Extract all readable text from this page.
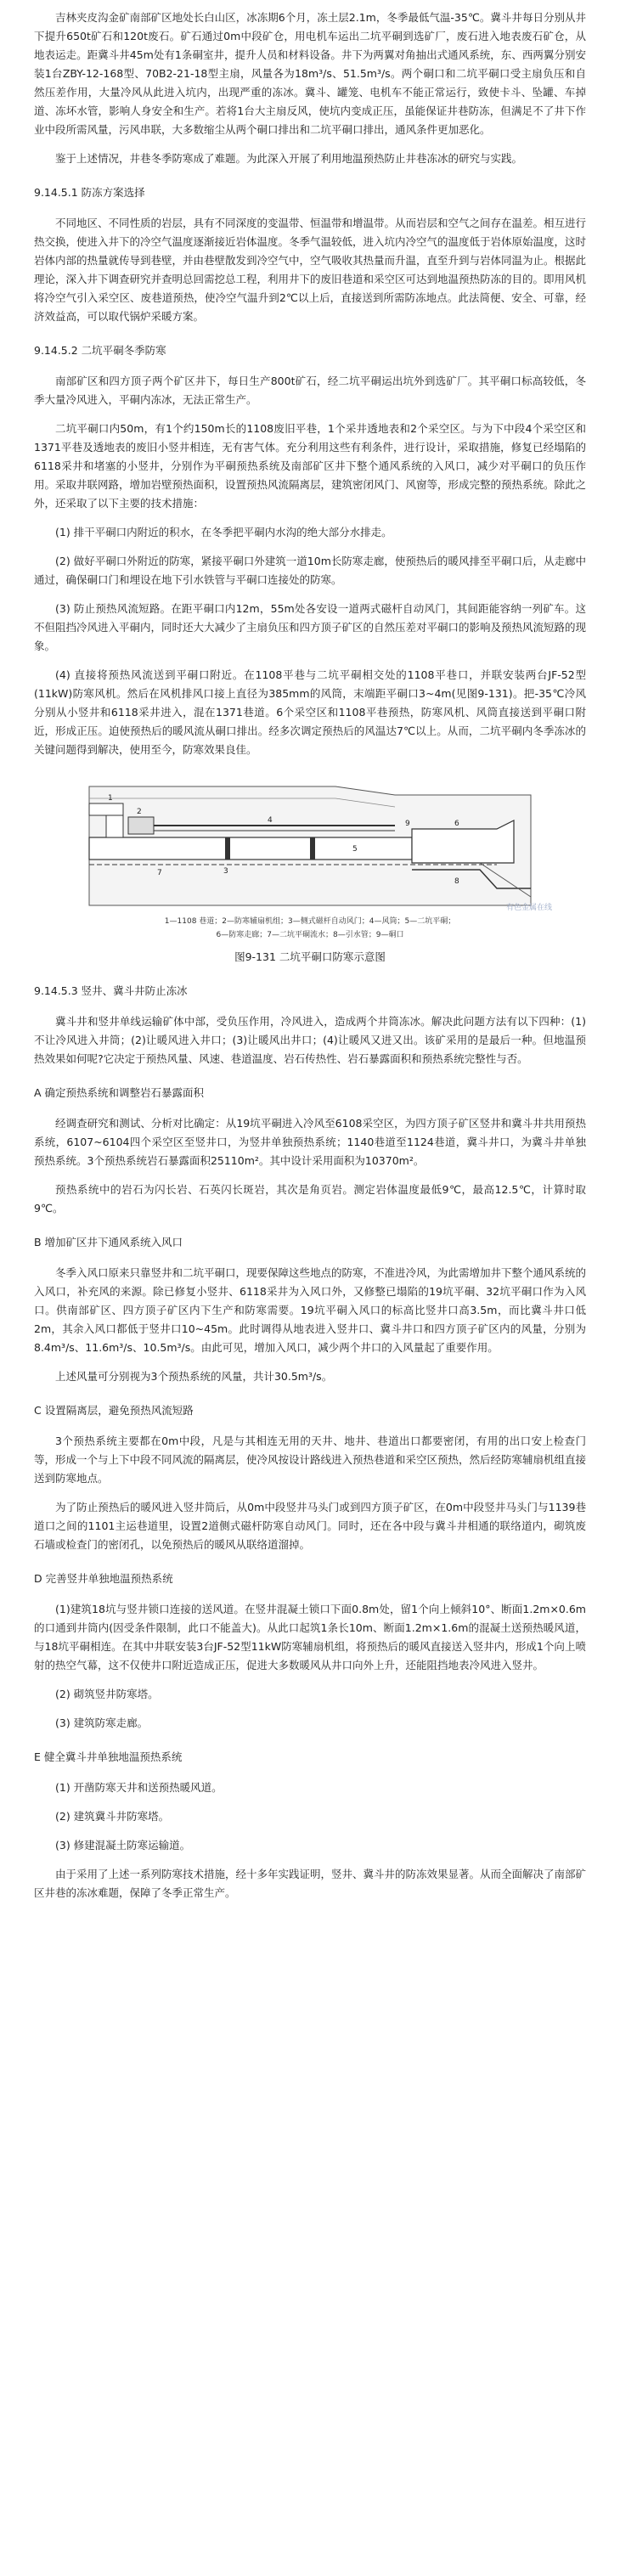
吉林夹皮沟金矿南部矿区地处长白山区，冰冻期6个月，冻土层2.1m，冬季最低气温-35℃。冀斗井每日分别从井下提升650t矿石和120t废石。矿石通过0m中段矿仓，用电机车运出二坑平硐到选矿厂，废石进入地表废石矿仓，从地表运走。距冀斗井45m处有1条硐室井，提升人员和材料设备。井下为两翼对角抽出式通风系统，东、西两翼分别安装1台ZBY-12-168型、70B2-21-18型主扇，风量各为18m³/s、51.5m³/s。两个硐口和二坑平硐口受主扇负压和自然压差作用，大量冷风从此进入坑内，出现严重的冻冰。冀斗、罐笼、电机车不能正常运行，致使卡斗、坠罐、车掉道、冻坏水管，影响人身安全和生产。若将1台大主扇反风，使坑内变成正压，虽能保证井巷防冻，但满足不了井下作业中段所需风量，污风串联，大多数缩尘从两个硐口排出和二坑平硐口排出，通风条件更加恶化。

鉴于上述情况，井巷冬季防寒成了难题。为此深入开展了利用地温预热防止井巷冻冰的研究与实践。

9.14.5.1 防冻方案选择

不同地区、不同性质的岩层，具有不同深度的变温带、恒温带和增温带。从而岩层和空气之间存在温差。相互进行热交换，使进入井下的冷空气温度逐渐接近岩体温度。冬季气温较低，进入坑内冷空气的温度低于岩体原始温度，这时岩体内部的热量就传导到巷壁，并由巷壁散发到冷空气中，空气吸收其热量而升温，直至升到与岩体同温为止。根据此理论，深入井下调查研究并查明总回需挖总工程，利用井下的废旧巷道和采空区可达到地温预热防冻的目的。即用风机将冷空气引入采空区、废巷道预热，使冷空气温升到2℃以上后，直接送到所需防冻地点。此法简便、安全、可靠，经济效益高，可以取代锅炉采暖方案。

9.14.5.2 二坑平硐冬季防寒

南部矿区和四方顶子两个矿区井下，每日生产800t矿石，经二坑平硐运出坑外到选矿厂。其平硐口标高较低，冬季大量冷风进入，平硐内冻冰，无法正常生产。

二坑平硐口内50m，有1个约150m长的1108废旧平巷，1个采井透地表和2个采空区。与为下中段4个采空区和1371平巷及透地表的废旧小竖井相连，无有害气体。充分利用这些有利条件，进行设计，采取措施，修复已经塌陷的6118采井和堵塞的小竖井，分别作为平硐预热系统及南部矿区井下整个通风系统的入风口，减少对平硐口的负压作用。采取井联网路，增加岩壁预热面积，设置预热风流隔离层，建筑密闭风门、风窗等，形成完整的预热系统。除此之外，还采取了以下主要的技术措施：

(1) 排干平硐口内附近的积水，在冬季把平硐内水沟的绝大部分水排走。

(2) 做好平硐口外附近的防寒，紧接平硐口外建筑一道10m长防寒走廊，使预热后的暖风排至平硐口后，从走廊中通过，确保硐口门和埋设在地下引水铁管与平硐口连接处的防寒。

(3) 防止预热风流短路。在距平硐口内12m，55m处各安设一道两式磁杆自动风门，其间距能容纳一列矿车。这不但阻挡冷风进入平硐内，同时还大大减少了主扇负压和四方顶子矿区的自然压差对平硐口的影响及预热风流短路的现象。

(4) 直接将预热风流送到平硐口附近。在1108平巷与二坑平硐相交处的1108平巷口，并联安装两台JF-52型(11kW)防寒风机。然后在风机排风口接上直径为385mm的风筒，末端距平硐口3~4m(见图9-131)。把-35℃冷风分别从小竖井和6118采井进入，混在1371巷道。6个采空区和1108平巷预热，防寒风机、风筒直接送到平硐口附近，形成正压。迫使预热后的暖风流从硐口排出。经多次调定预热后的风温达7℃以上。从而，二坑平硐内冬季冻冰的关键问题得到解决，使用至今，防寒效果良佳。

1
2
3
4
5
6
7
8
9
1—1108 巷道；2—防寒辅扇机组；3—侧式磁杆自动风门；4—风筒；5—二坑平硐；
6—防寒走廊；7—二坑平硐流水；8—引水管；9—硐口
有色金属在线
图9-131 二坑平硐口防寒示意图
9.14.5.3 竖井、冀斗井防止冻冰

冀斗井和竖井单线运输矿体中部，受负压作用，冷风进入，造成两个井筒冻冰。解决此问题方法有以下四种：(1)不让冷风进入井筒；(2)让暖风进入井口；(3)让暖风出井口；(4)让暖风又进又出。该矿采用的是最后一种。但地温预热效果如何呢?它决定于预热风量、风速、巷道温度、岩石传热性、岩石暴露面积和预热系统完整性与否。

A 确定预热系统和调整岩石暴露面积

经调查研究和测试、分析对比确定：从19坑平硐进入冷风至6108采空区，为四方顶子矿区竖井和冀斗井共用预热系统，6107~6104四个采空区至竖井口，为竖井单独预热系统；1140巷道至1124巷道，冀斗井口，为冀斗井单独预热系统。3个预热系统岩石暴露面积25110m²。其中设计采用面积为10370m²。

预热系统中的岩石为闪长岩、石英闪长斑岩，其次是角页岩。测定岩体温度最低9℃，最高12.5℃，计算时取9℃。

B 增加矿区井下通风系统入风口

冬季入风口原来只靠竖井和二坑平硐口，现要保障这些地点的防寒，不准进冷风，为此需增加井下整个通风系统的入风口，补充风的来源。除已修复小竖井、6118采井为入风口外，又修整已塌陷的19坑平硐、32坑平硐口作为入风口。供南部矿区、四方顶子矿区内下生产和防寒需要。19坑平硐入风口的标高比竖井口高3.5m，而比冀斗井口低2m，其余入风口都低于竖井口10~45m。此时调得从地表进入竖井口、冀斗井口和四方顶子矿区内的风量，分别为8.4m³/s、11.6m³/s、10.5m³/s。由此可见，增加入风口，减少两个井口的入风量起了重要作用。

上述风量可分别视为3个预热系统的风量，共计30.5m³/s。

C 设置隔离层，避免预热风流短路

3个预热系统主要都在0m中段，凡是与其相连无用的天井、地井、巷道出口都要密闭，有用的出口安上检查门等，形成一个与上下中段不同风流的隔离层，使冷风按设计路线进入预热巷道和采空区预热，然后经防寒辅扇机组直接送到防寒地点。

为了防止预热后的暖风进入竖井筒后，从0m中段竖井马头门或到四方顶子矿区，在0m中段竖井马头门与1139巷道口之间的1101主运巷道里，设置2道侧式磁杆防寒自动风门。同时，还在各中段与冀斗井相通的联络道内，砌筑废石墙或检查门的密闭孔，以免预热后的暖风从联络道溜掉。

D 完善竖井单独地温预热系统

(1)建筑18坑与竖井锁口连接的送风道。在竖井混凝土锁口下面0.8m处，留1个向上倾斜10°、断面1.2m×0.6m的口通到井筒内(因受条件限制，此口不能盖大)。从此口起筑1条长10m、断面1.2m×1.6m的混凝土送预热暖风道，与18坑平硐相连。在其中井联安装3台JF-52型11kW防寒辅扇机组，将预热后的暖风直接送入竖井内，形成1个向上喷射的热空气幕，这不仅使井口附近造成正压，促进大多数暖风从井口向外上升，还能阻挡地表冷风进入竖井。

(2) 砌筑竖井防寒塔。

(3) 建筑防寒走廊。

E 健全冀斗井单独地温预热系统

(1) 开凿防寒天井和送预热暖风道。

(2) 建筑冀斗井防寒塔。

(3) 修建混凝土防寒运输道。

由于采用了上述一系列防寒技术措施，经十多年实践证明，竖井、冀斗井的防冻效果显著。从而全面解决了南部矿区井巷的冻冰难题，保障了冬季正常生产。
